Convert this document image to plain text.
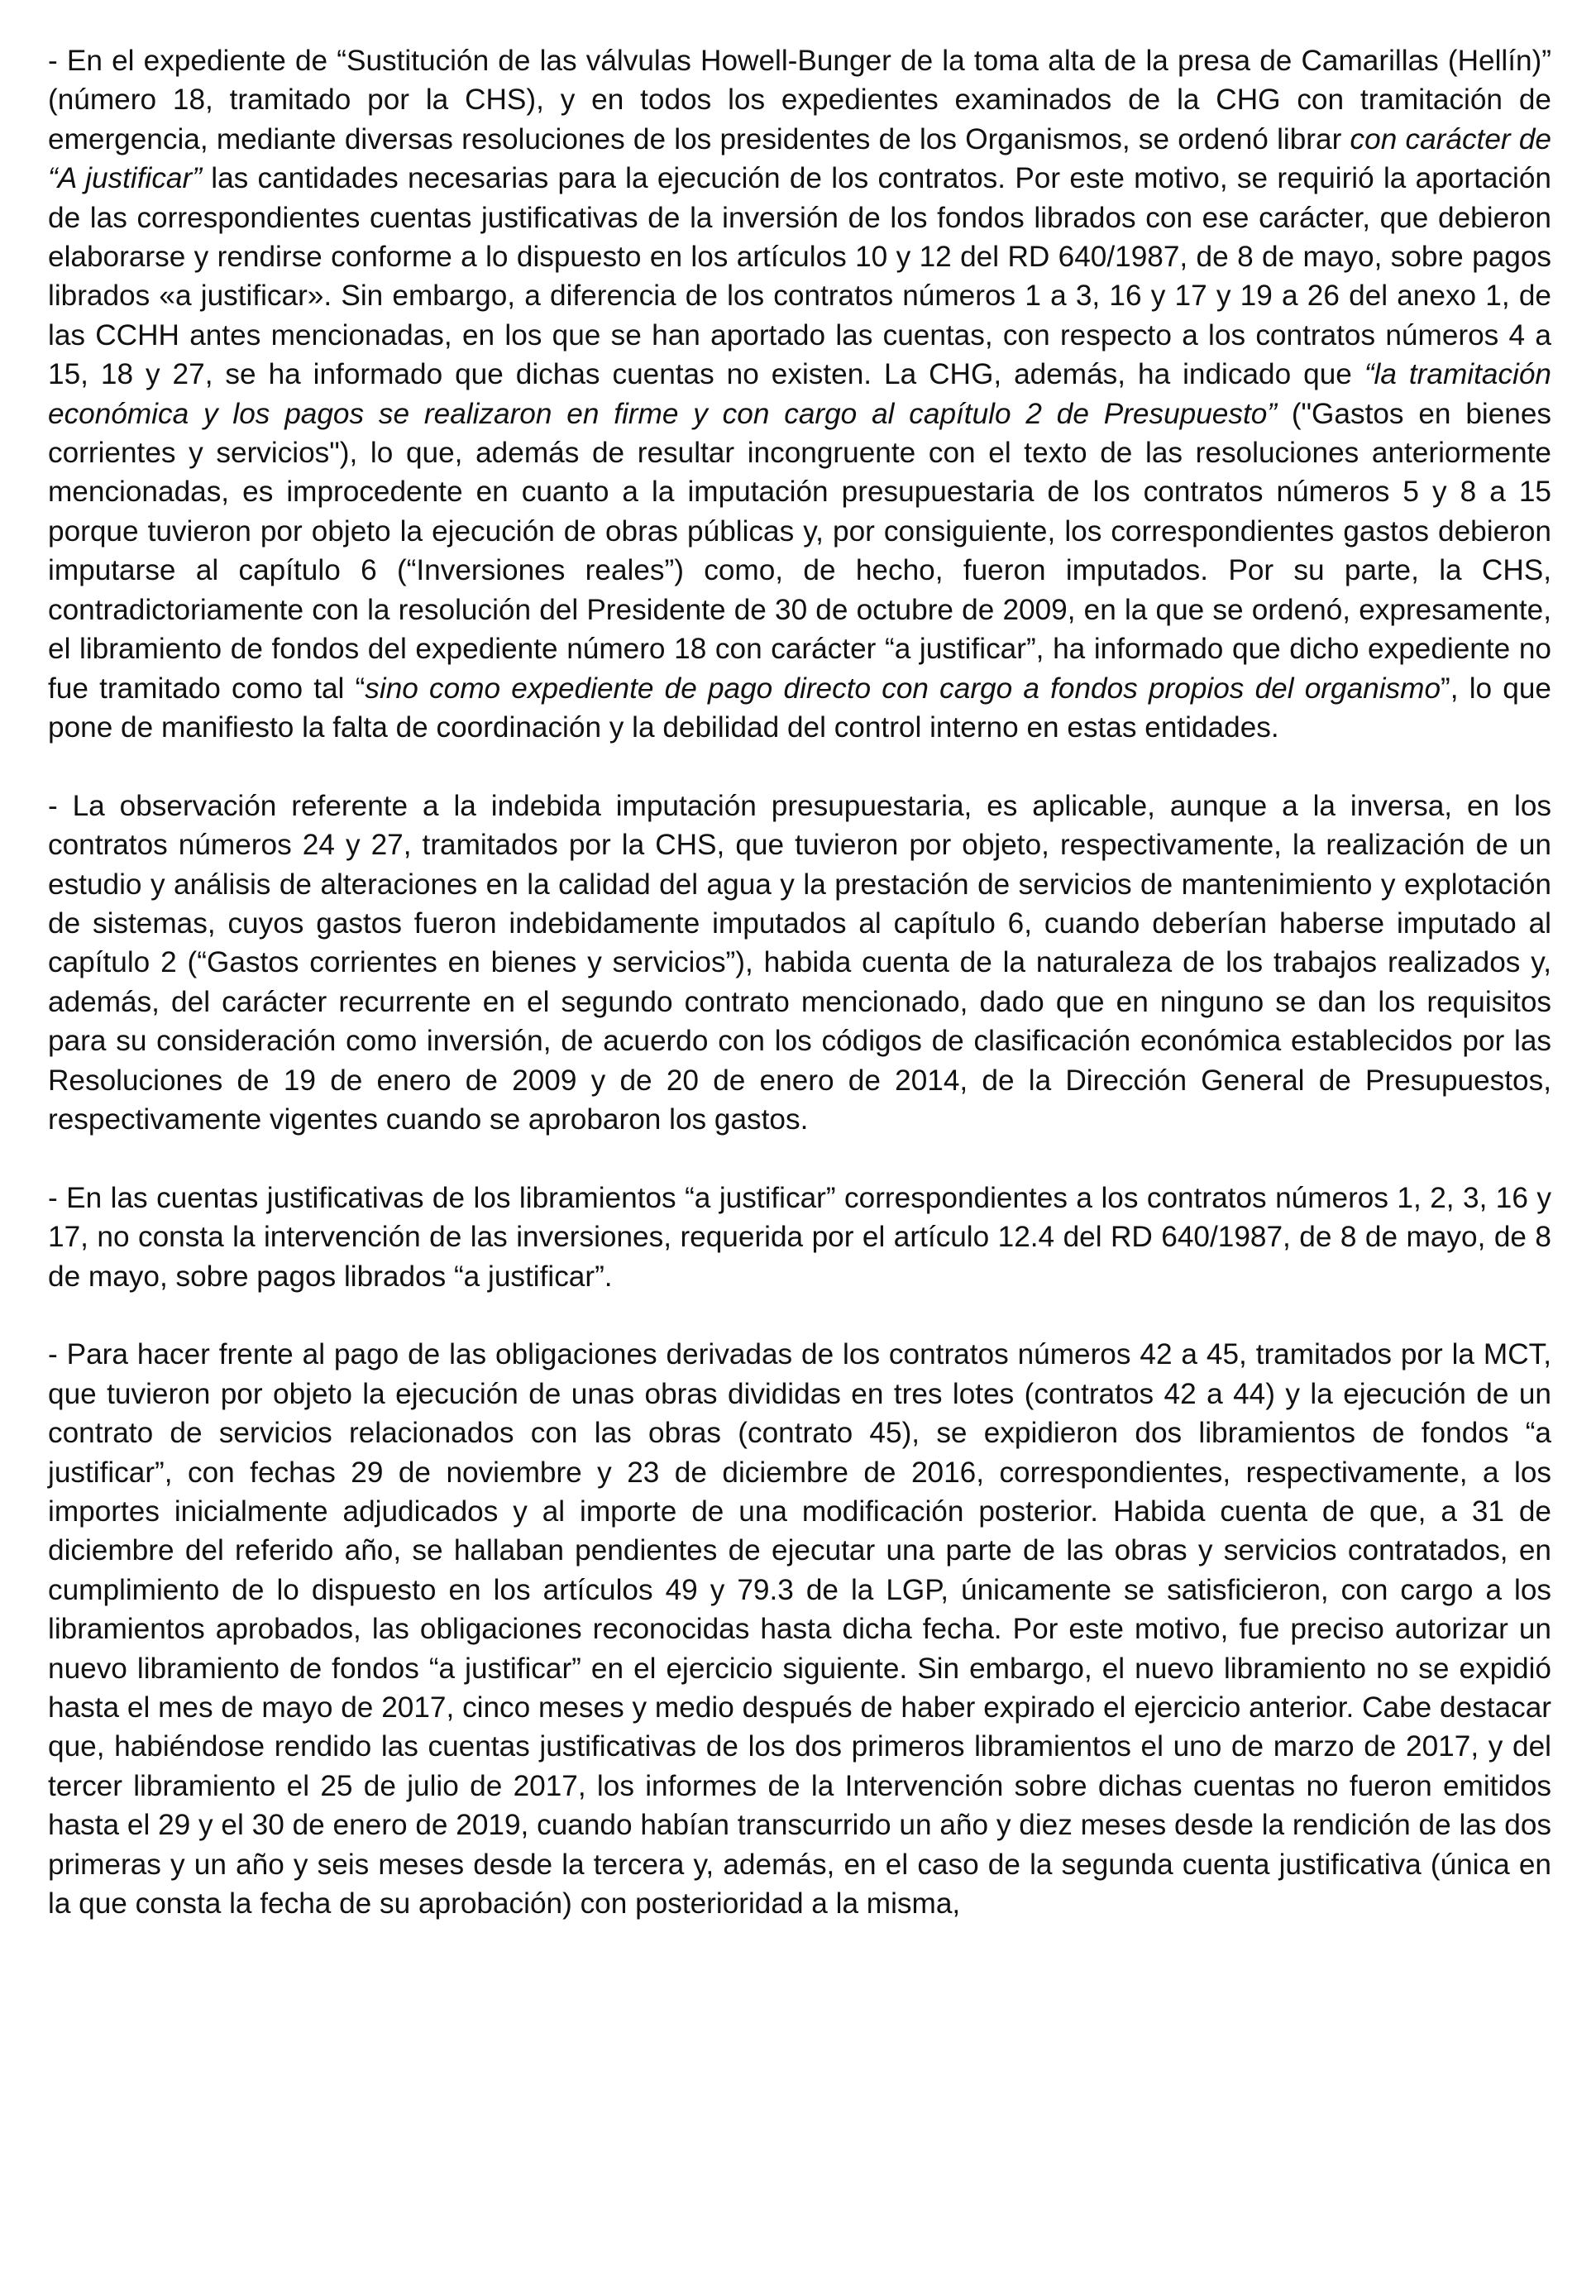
- En el expediente de “Sustitución de las válvulas Howell-Bunger de la toma alta de la presa de Camarillas (Hellín)” (número 18, tramitado por la CHS), y en todos los expedientes examinados de la CHG con tramitación de emergencia, mediante diversas resoluciones de los presidentes de los Organismos, se ordenó librar con carácter de “A justificar” las cantidades necesarias para la ejecución de los contratos. Por este motivo, se requirió la aportación de las correspondientes cuentas justificativas de la inversión de los fondos librados con ese carácter, que debieron elaborarse y rendirse conforme a lo dispuesto en los artículos 10 y 12 del RD 640/1987, de 8 de mayo, sobre pagos librados «a justificar». Sin embargo, a diferencia de los contratos números 1 a 3, 16 y 17 y 19 a 26 del anexo 1, de las CCHH antes mencionadas, en los que se han aportado las cuentas, con respecto a los contratos números 4 a 15, 18 y 27, se ha informado que dichas cuentas no existen. La CHG, además, ha indicado que “la tramitación económica y los pagos se realizaron en firme y con cargo al capítulo 2 de Presupuesto” ("Gastos en bienes corrientes y servicios"), lo que, además de resultar incongruente con el texto de las resoluciones anteriormente mencionadas, es improcedente en cuanto a la imputación presupuestaria de los contratos números 5 y 8 a 15 porque tuvieron por objeto la ejecución de obras públicas y, por consiguiente, los correspondientes gastos debieron imputarse al capítulo 6 (“Inversiones reales”) como, de hecho, fueron imputados. Por su parte, la CHS, contradictoriamente con la resolución del Presidente de 30 de octubre de 2009, en la que se ordenó, expresamente, el libramiento de fondos del expediente número 18 con carácter “a justificar”, ha informado que dicho expediente no fue tramitado como tal “sino como expediente de pago directo con cargo a fondos propios del organismo”, lo que pone de manifiesto la falta de coordinación y la debilidad del control interno en estas entidades.

- La observación referente a la indebida imputación presupuestaria, es aplicable, aunque a la inversa, en los contratos números 24 y 27, tramitados por la CHS, que tuvieron por objeto, respectivamente, la realización de un estudio y análisis de alteraciones en la calidad del agua y la prestación de servicios de mantenimiento y explotación de sistemas, cuyos gastos fueron indebidamente imputados al capítulo 6, cuando deberían haberse imputado al capítulo 2 (“Gastos corrientes en bienes y servicios”), habida cuenta de la naturaleza de los trabajos realizados y, además, del carácter recurrente en el segundo contrato mencionado, dado que en ninguno se dan los requisitos para su consideración como inversión, de acuerdo con los códigos de clasificación económica establecidos por las Resoluciones de 19 de enero de 2009 y de 20 de enero de 2014, de la Dirección General de Presupuestos, respectivamente vigentes cuando se aprobaron los gastos.

- En las cuentas justificativas de los libramientos “a justificar” correspondientes a los contratos números 1, 2, 3, 16 y 17, no consta la intervención de las inversiones, requerida por el artículo 12.4 del RD 640/1987, de 8 de mayo, de 8 de mayo, sobre pagos librados “a justificar”.

- Para hacer frente al pago de las obligaciones derivadas de los contratos números 42 a 45, tramitados por la MCT, que tuvieron por objeto la ejecución de unas obras divididas en tres lotes (contratos 42 a 44) y la ejecución de un contrato de servicios relacionados con las obras (contrato 45), se expidieron dos libramientos de fondos “a justificar”, con fechas 29 de noviembre y 23 de diciembre de 2016, correspondientes, respectivamente, a los importes inicialmente adjudicados y al importe de una modificación posterior. Habida cuenta de que, a 31 de diciembre del referido año, se hallaban pendientes de ejecutar una parte de las obras y servicios contratados, en cumplimiento de lo dispuesto en los artículos 49 y 79.3 de la LGP, únicamente se satisficieron, con cargo a los libramientos aprobados, las obligaciones reconocidas hasta dicha fecha. Por este motivo, fue preciso autorizar un nuevo libramiento de fondos “a justificar” en el ejercicio siguiente. Sin embargo, el nuevo libramiento no se expidió hasta el mes de mayo de 2017, cinco meses y medio después de haber expirado el ejercicio anterior. Cabe destacar que, habiéndose rendido las cuentas justificativas de los dos primeros libramientos el uno de marzo de 2017, y del tercer libramiento el 25 de julio de 2017, los informes de la Intervención sobre dichas cuentas no fueron emitidos hasta el 29 y el 30 de enero de 2019, cuando habían transcurrido un año y diez meses desde la rendición de las dos primeras y un año y seis meses desde la tercera y, además, en el caso de la segunda cuenta justificativa (única en la que consta la fecha de su aprobación) con posterioridad a la misma,
